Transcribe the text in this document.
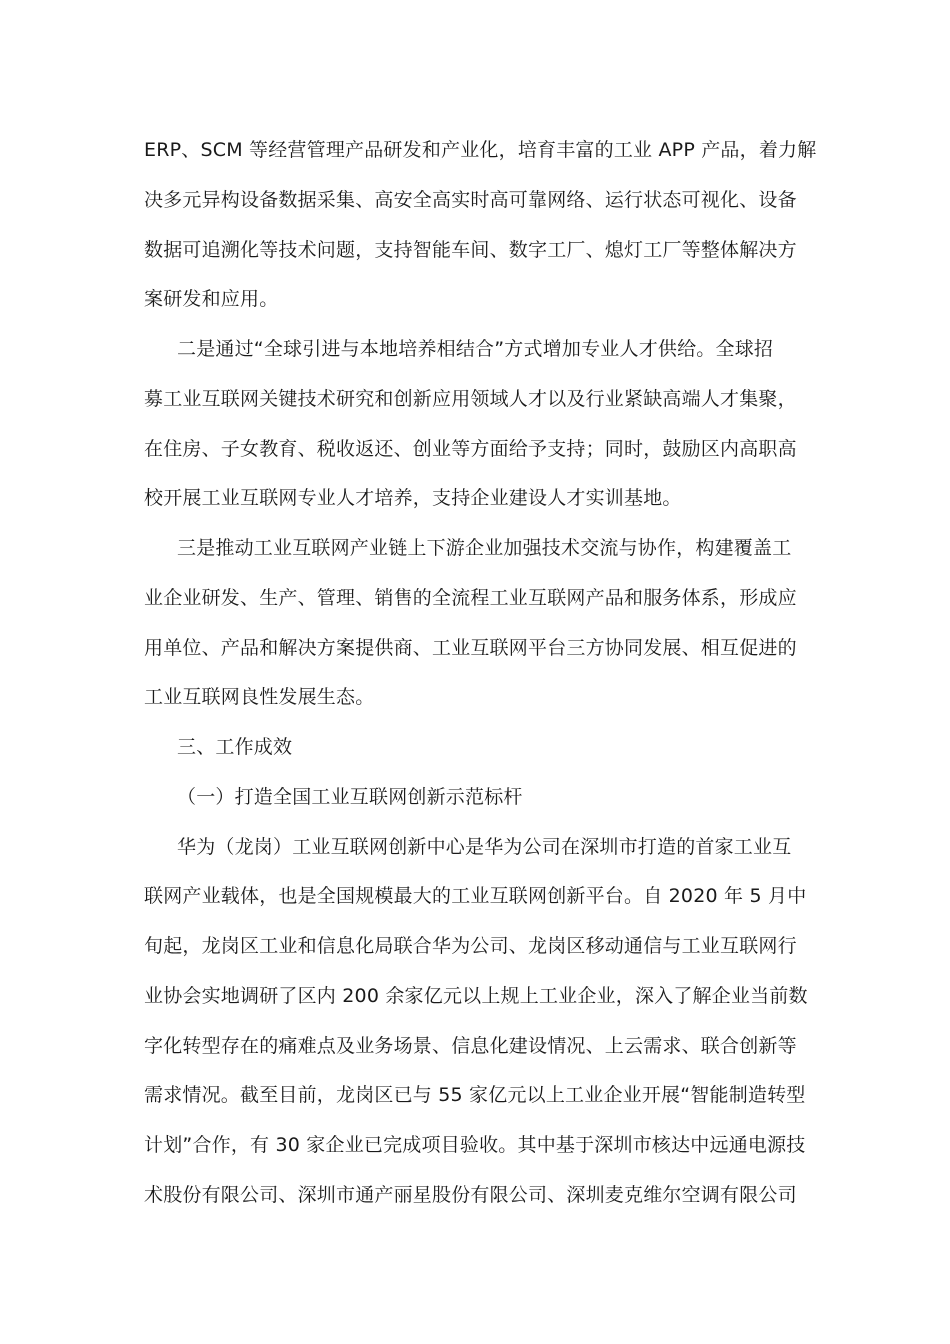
ERP、SCM 等经营管理产品研发和产业化，培育丰富的工业 APP 产品，着力解
决多元异构设备数据采集、高安全高实时高可靠网络、运行状态可视化、设备
数据可追溯化等技术问题，支持智能车间、数字工厂、熄灯工厂等整体解决方
案研发和应用。
二是通过“全球引进与本地培养相结合”方式增加专业人才供给。全球招
募工业互联网关键技术研究和创新应用领域人才以及行业紧缺高端人才集聚，
在住房、子女教育、税收返还、创业等方面给予支持；同时，鼓励区内高职高
校开展工业互联网专业人才培养，支持企业建设人才实训基地。
三是推动工业互联网产业链上下游企业加强技术交流与协作，构建覆盖工
业企业研发、生产、管理、销售的全流程工业互联网产品和服务体系，形成应
用单位、产品和解决方案提供商、工业互联网平台三方协同发展、相互促进的
工业互联网良性发展生态。
三、工作成效
（一）打造全国工业互联网创新示范标杆
华为（龙岗）工业互联网创新中心是华为公司在深圳市打造的首家工业互
联网产业载体，也是全国规模最大的工业互联网创新平台。自 2020 年 5 月中
旬起，龙岗区工业和信息化局联合华为公司、龙岗区移动通信与工业互联网行
业协会实地调研了区内 200 余家亿元以上规上工业企业，深入了解企业当前数
字化转型存在的痛难点及业务场景、信息化建设情况、上云需求、联合创新等
需求情况。截至目前，龙岗区已与 55 家亿元以上工业企业开展“智能制造转型
计划”合作，有 30 家企业已完成项目验收。其中基于深圳市核达中远通电源技
术股份有限公司、深圳市通产丽星股份有限公司、深圳麦克维尔空调有限公司
